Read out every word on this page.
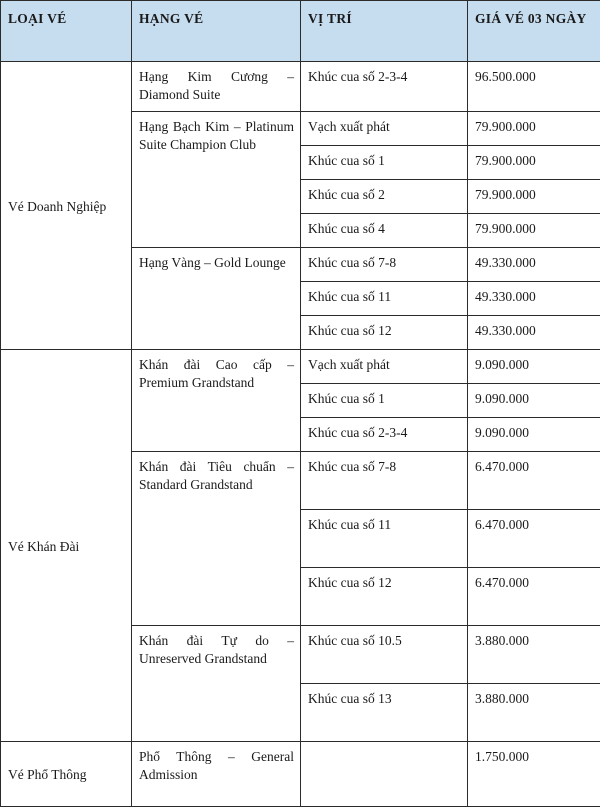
LOẠI VÉ	HẠNG VÉ	VỊ TRÍ	GIÁ VÉ 03 NGÀY
Vé Doanh Nghiệp	Hạng Kim Cương – Diamond Suite	Khúc cua số 2-3-4	96.500.000

	Hạng Bạch Kim – Platinum Suite Champion Club	Vạch xuất phát	79.900.000
		Khúc cua số 1	79.900.000
		Khúc cua số 2	79.900.000
		Khúc cua số 4	79.900.000

	Hạng Vàng – Gold Lounge	Khúc cua số 7-8	49.330.000
		Khúc cua số 11	49.330.000
		Khúc cua số 12	49.330.000
Vé Khán Đài	Khán đài Cao cấp – Premium Grandstand	Vạch xuất phát	9.090.000
		Khúc cua số 1	9.090.000
		Khúc cua số 2-3-4	9.090.000

	Khán đài Tiêu chuẩn – Standard Grandstand	Khúc cua số 7-8	6.470.000
		Khúc cua số 11	6.470.000
		Khúc cua số 12	6.470.000

	Khán đài Tự do – Unreserved Grandstand	Khúc cua số 10.5	3.880.000
		Khúc cua số 13	3.880.000
Vé Phổ Thông	Phổ Thông – General Admission		1.750.000
